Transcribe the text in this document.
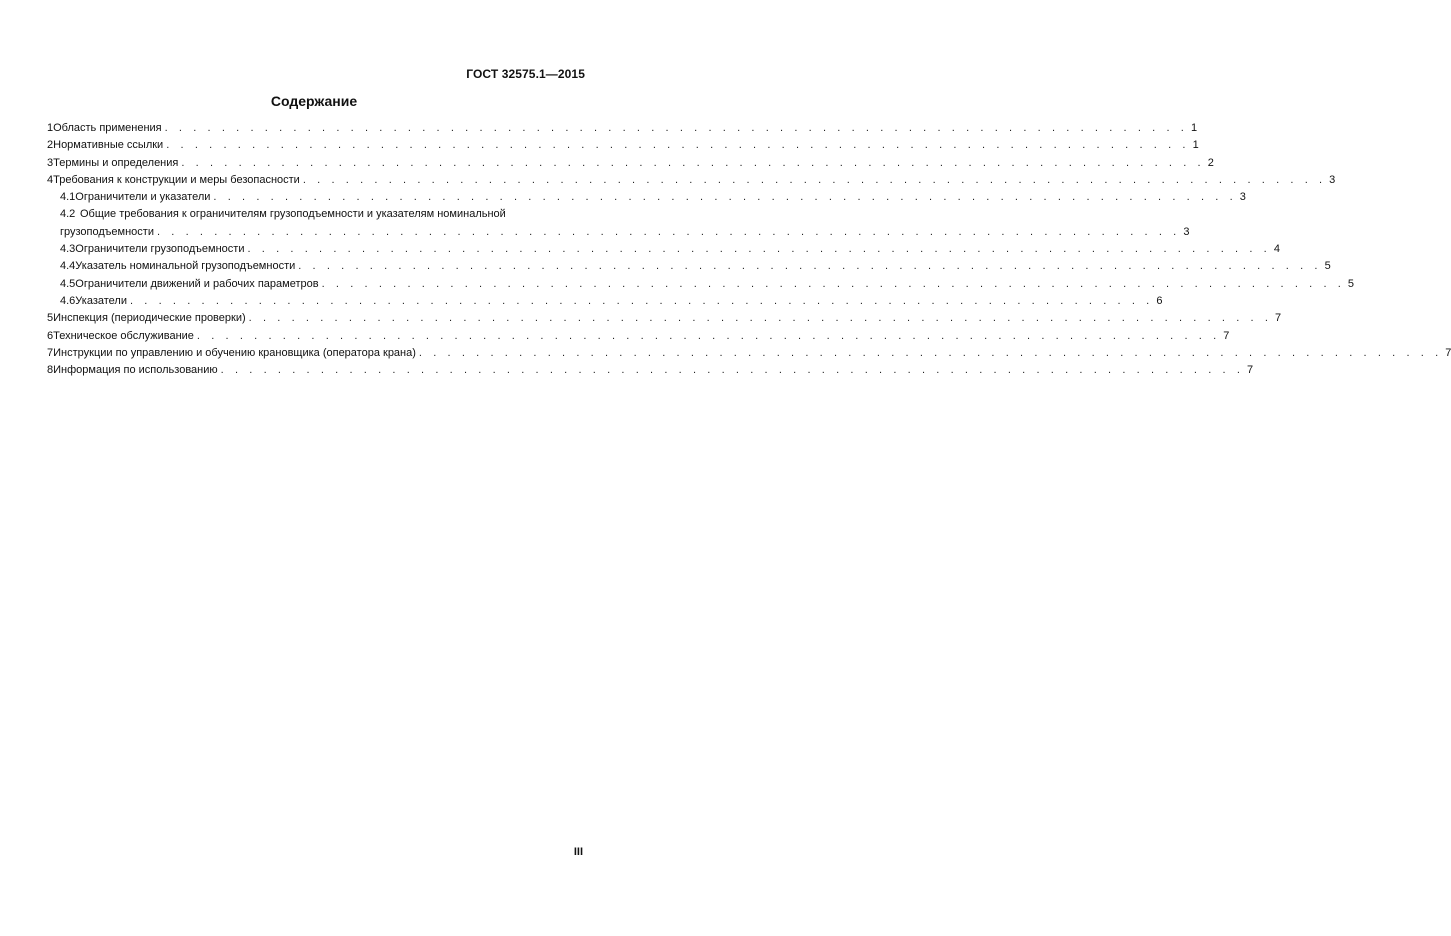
ГОСТ 32575.1—2015
Содержание
1 Область применения . . . . . . . . . . . . . . . . . . . . . . . . . . . . . . . . . . . . . . . . . . . . . . . . . . . . . . . . . . . . . . . . . . . . . . . . 1
2 Нормативные ссылки . . . . . . . . . . . . . . . . . . . . . . . . . . . . . . . . . . . . . . . . . . . . . . . . . . . . . . . . . . . . . . . . . . . . . . . . 1
3 Термины и определения . . . . . . . . . . . . . . . . . . . . . . . . . . . . . . . . . . . . . . . . . . . . . . . . . . . . . . . . . . . . . . . . . . . . . . . . 2
4 Требования к конструкции и меры безопасности . . . . . . . . . . . . . . . . . . . . . . . . . . . . . . . . . . . . . . . . . . . . . . . . . . . . . . . . . . . . . . . . . . . . . . . . 3
4.1 Ограничители и указатели . . . . . . . . . . . . . . . . . . . . . . . . . . . . . . . . . . . . . . . . . . . . . . . . . . . . . . . . . . . . . . . . . . . . . . . . 3
4.2 Общие требования к ограничителям грузоподъемности и указателям номинальной
грузоподъемности . . . . . . . . . . . . . . . . . . . . . . . . . . . . . . . . . . . . . . . . . . . . . . . . . . . . . . . . . . . . . . . . . . . . . . . . 3
4.3 Ограничители грузоподъемности . . . . . . . . . . . . . . . . . . . . . . . . . . . . . . . . . . . . . . . . . . . . . . . . . . . . . . . . . . . . . . . . . . . . . . . . 4
4.4 Указатель номинальной грузоподъемности . . . . . . . . . . . . . . . . . . . . . . . . . . . . . . . . . . . . . . . . . . . . . . . . . . . . . . . . . . . . . . . . . . . . . . . . 5
4.5 Ограничители движений и рабочих параметров . . . . . . . . . . . . . . . . . . . . . . . . . . . . . . . . . . . . . . . . . . . . . . . . . . . . . . . . . . . . . . . . . . . . . . . . 5
4.6 Указатели . . . . . . . . . . . . . . . . . . . . . . . . . . . . . . . . . . . . . . . . . . . . . . . . . . . . . . . . . . . . . . . . . . . . . . . . 6
5 Инспекция (периодические проверки) . . . . . . . . . . . . . . . . . . . . . . . . . . . . . . . . . . . . . . . . . . . . . . . . . . . . . . . . . . . . . . . . . . . . . . . . 7
6 Техническое обслуживание . . . . . . . . . . . . . . . . . . . . . . . . . . . . . . . . . . . . . . . . . . . . . . . . . . . . . . . . . . . . . . . . . . . . . . . . 7
7 Инструкции по управлению и обучению крановщика (оператора крана) . . . . . . . . . . . . . . . . . . . . . . . . . . . . . . . . . . . . . . . . . . . . . . . . . . . . . . . . . . . . . . . . . . . . . . . . 7
8 Информация по использованию . . . . . . . . . . . . . . . . . . . . . . . . . . . . . . . . . . . . . . . . . . . . . . . . . . . . . . . . . . . . . . . . . . . . . . . . 7
III
